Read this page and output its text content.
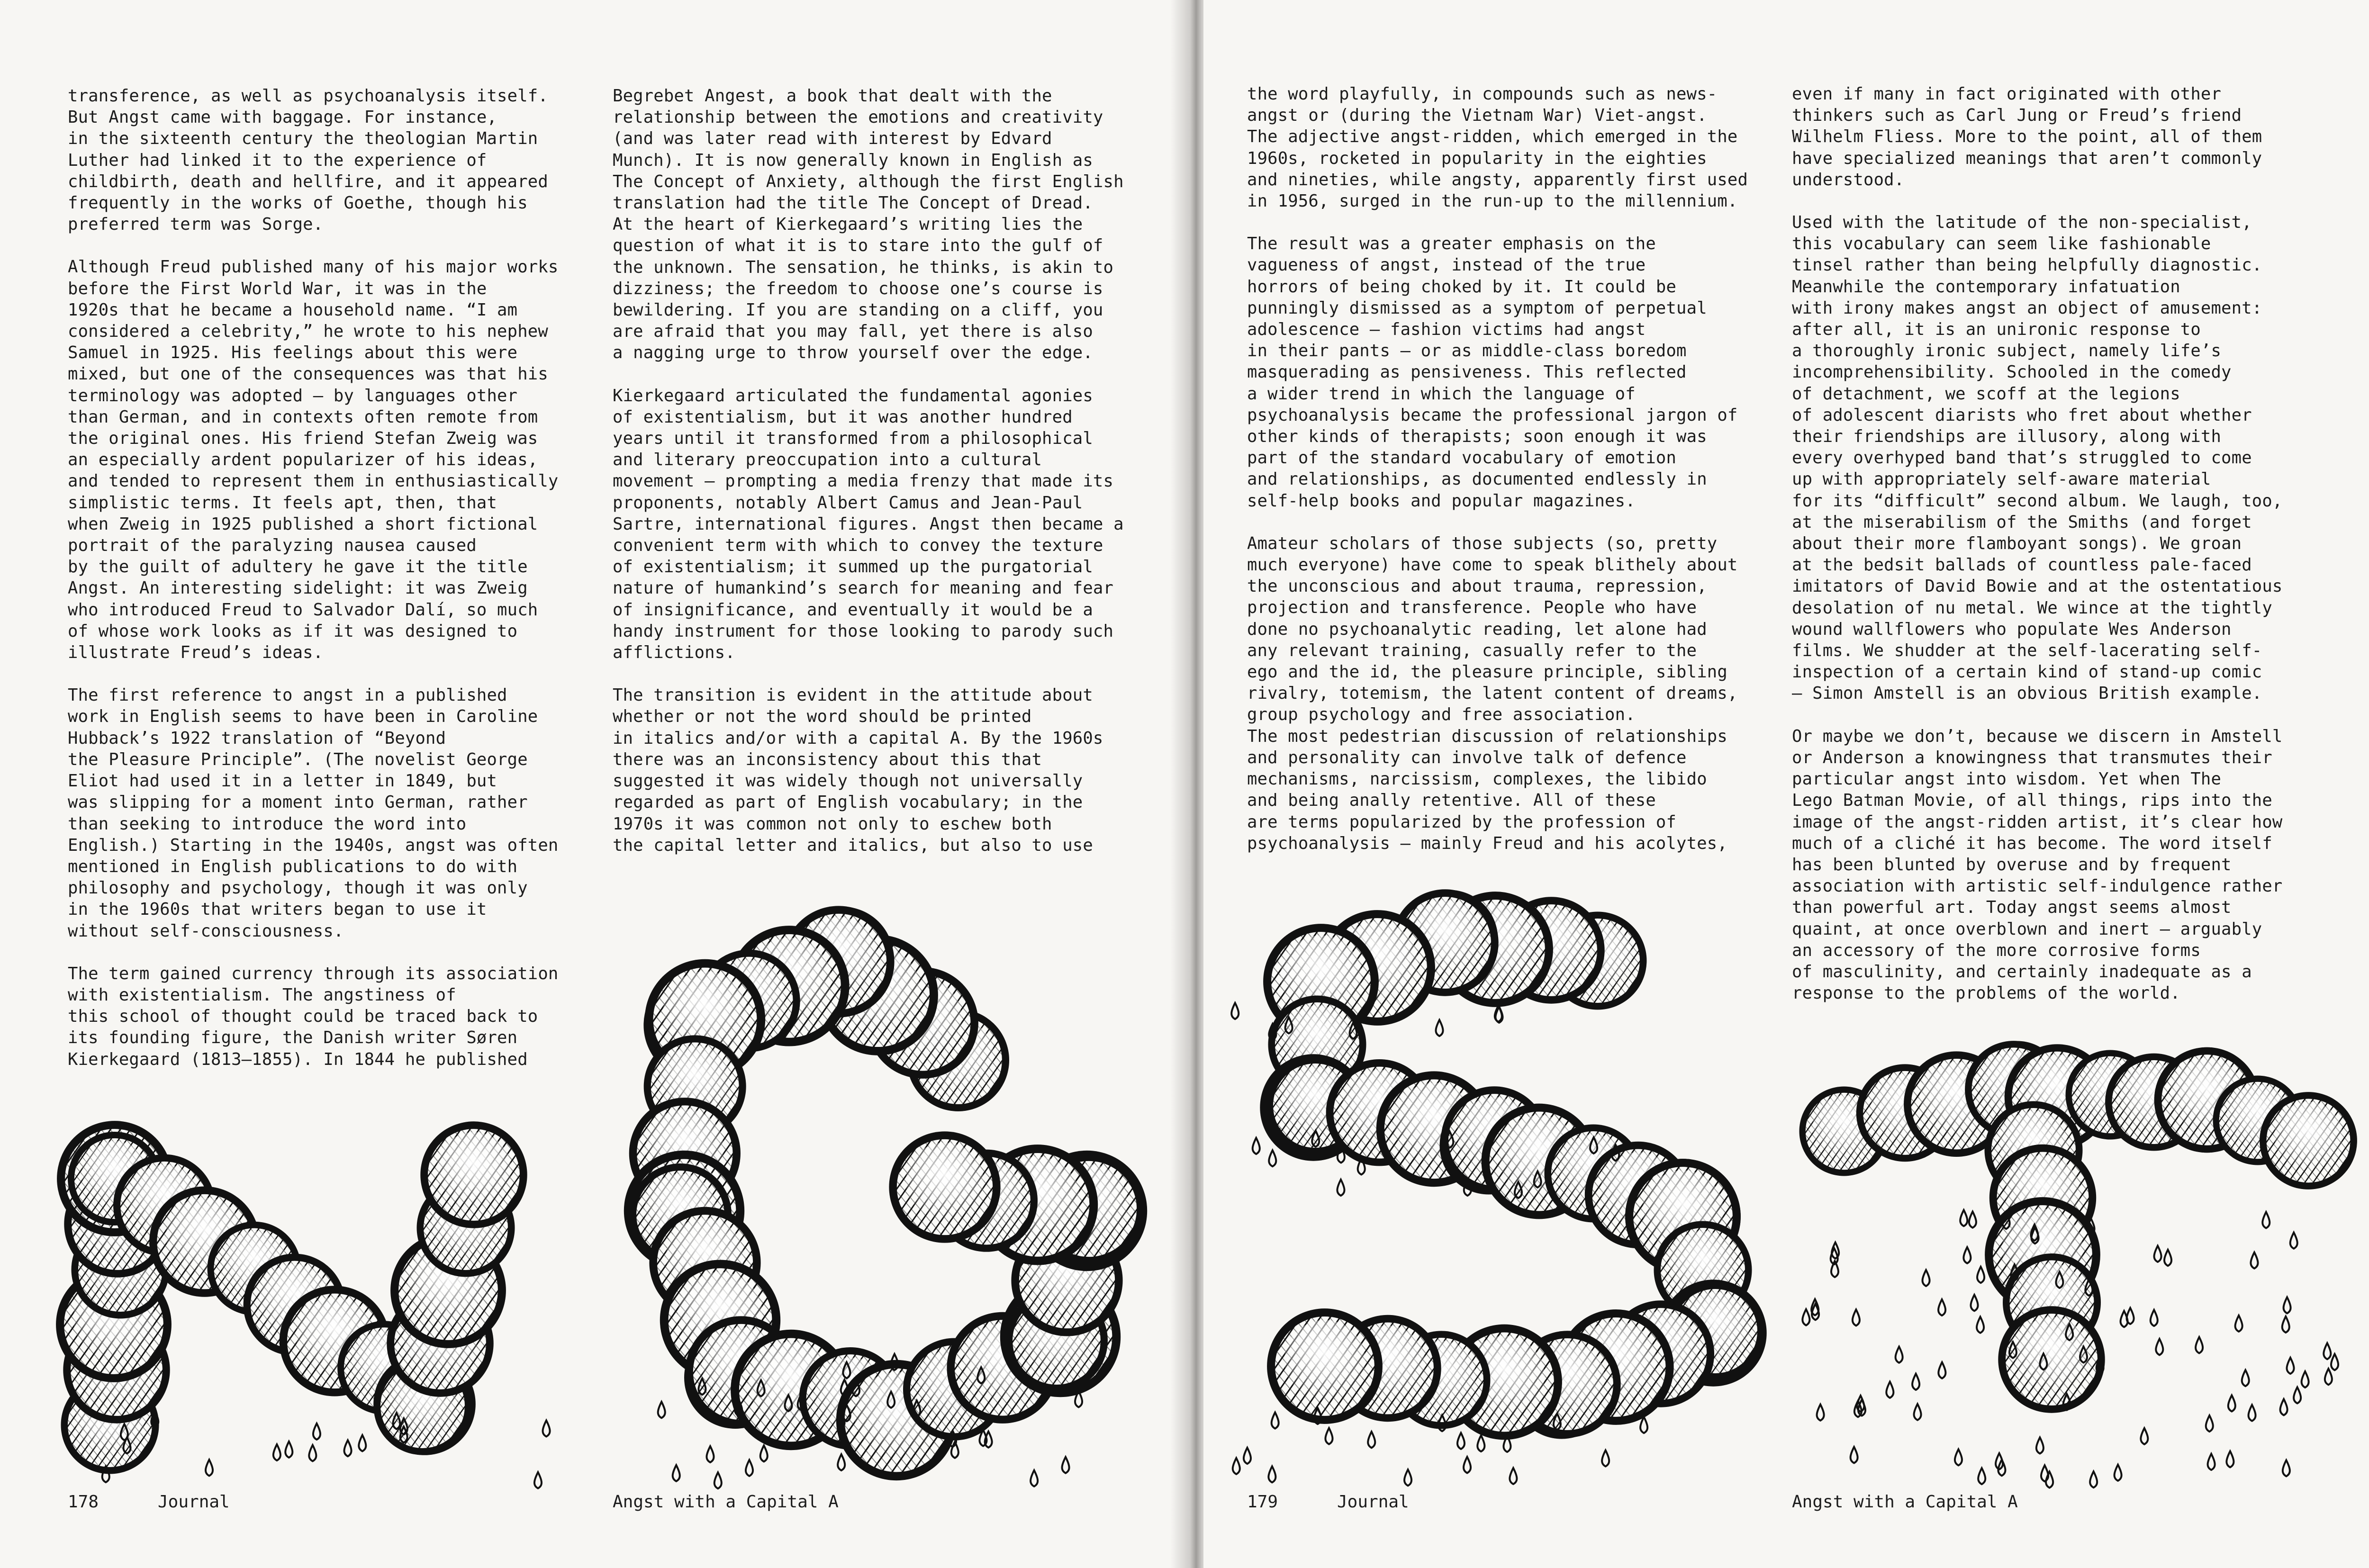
transference, as well as psychoanalysis itself.
But Angst came with baggage. For instance,
in the sixteenth century the theologian Martin
Luther had linked it to the experience of
childbirth, death and hellfire, and it appeared
frequently in the works of Goethe, though his
preferred term was Sorge.

Although Freud published many of his major works
before the First World War, it was in the
1920s that he became a household name. “I am
considered a celebrity,” he wrote to his nephew
Samuel in 1925. His feelings about this were
mixed, but one of the consequences was that his
terminology was adopted – by languages other
than German, and in contexts often remote from
the original ones. His friend Stefan Zweig was
an especially ardent popularizer of his ideas,
and tended to represent them in enthusiastically
simplistic terms. It feels apt, then, that
when Zweig in 1925 published a short fictional
portrait of the paralyzing nausea caused
by the guilt of adultery he gave it the title
Angst. An interesting sidelight: it was Zweig
who introduced Freud to Salvador Dalí, so much
of whose work looks as if it was designed to
illustrate Freud’s ideas.

The first reference to angst in a published
work in English seems to have been in Caroline
Hubback’s 1922 translation of “Beyond
the Pleasure Principle”. (The novelist George
Eliot had used it in a letter in 1849, but
was slipping for a moment into German, rather
than seeking to introduce the word into
English.) Starting in the 1940s, angst was often
mentioned in English publications to do with
philosophy and psychology, though it was only
in the 1960s that writers began to use it
without self-consciousness.

The term gained currency through its association
with existentialism. The angstiness of
this school of thought could be traced back to
its founding figure, the Danish writer Søren
Kierkegaard (1813–1855). In 1844 he published

Begrebet Angest, a book that dealt with the
relationship between the emotions and creativity
(and was later read with interest by Edvard
Munch). It is now generally known in English as
The Concept of Anxiety, although the first English
translation had the title The Concept of Dread.
At the heart of Kierkegaard’s writing lies the
question of what it is to stare into the gulf of
the unknown. The sensation, he thinks, is akin to
dizziness; the freedom to choose one’s course is
bewildering. If you are standing on a cliff, you
are afraid that you may fall, yet there is also
a nagging urge to throw yourself over the edge.

Kierkegaard articulated the fundamental agonies
of existentialism, but it was another hundred
years until it transformed from a philosophical
and literary preoccupation into a cultural
movement – prompting a media frenzy that made its
proponents, notably Albert Camus and Jean-Paul
Sartre, international figures. Angst then became a
convenient term with which to convey the texture
of existentialism; it summed up the purgatorial
nature of humankind’s search for meaning and fear
of insignificance, and eventually it would be a
handy instrument for those looking to parody such
afflictions.

The transition is evident in the attitude about
whether or not the word should be printed
in italics and/or with a capital A. By the 1960s
there was an inconsistency about this that
suggested it was widely though not universally
regarded as part of English vocabulary; in the
1970s it was common not only to eschew both
the capital letter and italics, but also to use

178	Journal	Angst with a Capital A

the word playfully, in compounds such as news-
angst or (during the Vietnam War) Viet-angst.
The adjective angst-ridden, which emerged in the
1960s, rocketed in popularity in the eighties
and nineties, while angsty, apparently first used
in 1956, surged in the run-up to the millennium.

The result was a greater emphasis on the
vagueness of angst, instead of the true
horrors of being choked by it. It could be
punningly dismissed as a symptom of perpetual
adolescence – fashion victims had angst
in their pants – or as middle-class boredom
masquerading as pensiveness. This reflected
a wider trend in which the language of
psychoanalysis became the professional jargon of
other kinds of therapists; soon enough it was
part of the standard vocabulary of emotion
and relationships, as documented endlessly in
self-help books and popular magazines.

Amateur scholars of those subjects (so, pretty
much everyone) have come to speak blithely about
the unconscious and about trauma, repression,
projection and transference. People who have
done no psychoanalytic reading, let alone had
any relevant training, casually refer to the
ego and the id, the pleasure principle, sibling
rivalry, totemism, the latent content of dreams,
group psychology and free association.
The most pedestrian discussion of relationships
and personality can involve talk of defence
mechanisms, narcissism, complexes, the libido
and being anally retentive. All of these
are terms popularized by the profession of
psychoanalysis – mainly Freud and his acolytes,

even if many in fact originated with other
thinkers such as Carl Jung or Freud’s friend
Wilhelm Fliess. More to the point, all of them
have specialized meanings that aren’t commonly
understood.

Used with the latitude of the non-specialist,
this vocabulary can seem like fashionable
tinsel rather than being helpfully diagnostic.
Meanwhile the contemporary infatuation
with irony makes angst an object of amusement:
after all, it is an unironic response to
a thoroughly ironic subject, namely life’s
incomprehensibility. Schooled in the comedy
of detachment, we scoff at the legions
of adolescent diarists who fret about whether
their friendships are illusory, along with
every overhyped band that’s struggled to come
up with appropriately self-aware material
for its “difficult” second album. We laugh, too,
at the miserabilism of the Smiths (and forget
about their more flamboyant songs). We groan
at the bedsit ballads of countless pale-faced
imitators of David Bowie and at the ostentatious
desolation of nu metal. We wince at the tightly
wound wallflowers who populate Wes Anderson
films. We shudder at the self-lacerating self-
inspection of a certain kind of stand-up comic
– Simon Amstell is an obvious British example.

Or maybe we don’t, because we discern in Amstell
or Anderson a knowingness that transmutes their
particular angst into wisdom. Yet when The
Lego Batman Movie, of all things, rips into the
image of the angst-ridden artist, it’s clear how
much of a cliché it has become. The word itself
has been blunted by overuse and by frequent
association with artistic self-indulgence rather
than powerful art. Today angst seems almost
quaint, at once overblown and inert – arguably
an accessory of the more corrosive forms
of masculinity, and certainly inadequate as a
response to the problems of the world.

179	Journal	Angst with a Capital A
